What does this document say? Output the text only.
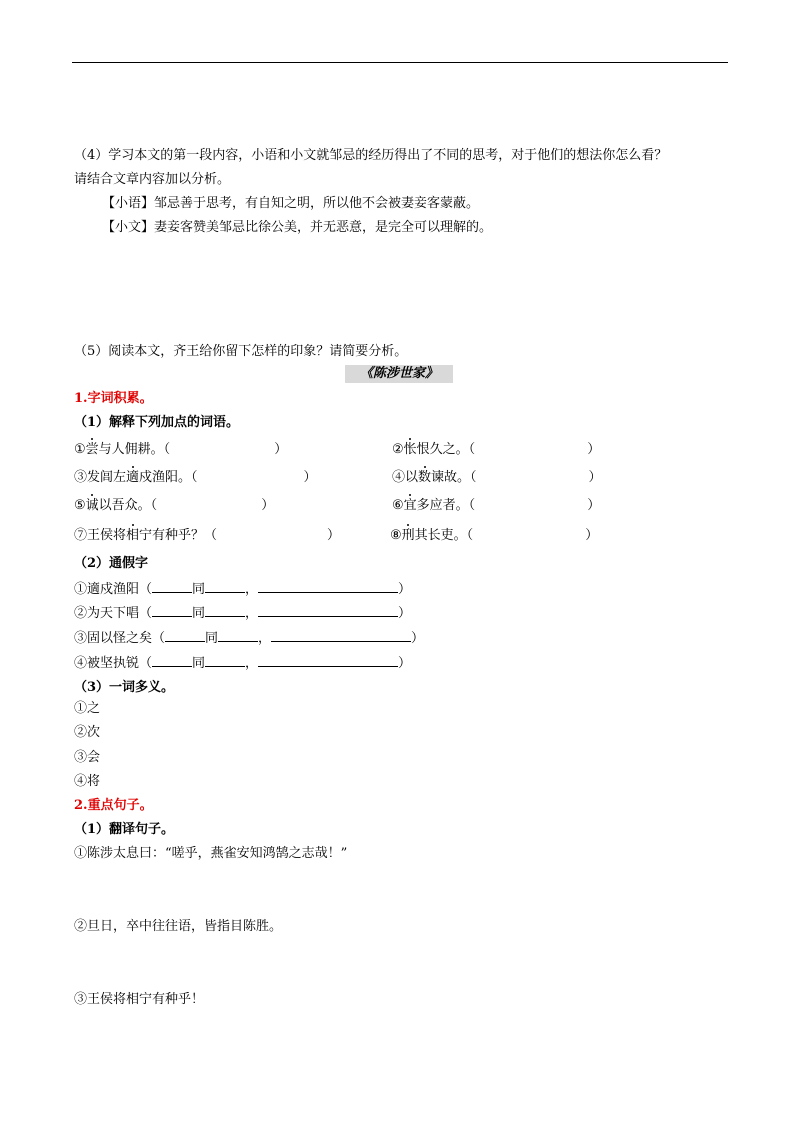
（4）学习本文的第一段内容，小语和小文就邹忌的经历得出了不同的思考，对于他们的想法你怎么看？
请结合文章内容加以分析。
【小语】邹忌善于思考，有自知之明，所以他不会被妻妾客蒙蔽。
【小文】妻妾客赞美邹忌比徐公美，并无恶意，是完全可以理解的。
（5）阅读本文，齐王给你留下怎样的印象？请简要分析。
《陈涉世家》
1.字词积累。
（1）解释下列加点的词语。
①尝与人佣耕。（	）	②怅恨久之。（	）
③发闾左適戍渔阳。（	）	④以数谏故。（	）
⑤诚以吾众。（	）	⑥宜多应者。（	）
⑦王侯将相宁有种乎？（	）	⑧刑其长吏。（	）
（2）通假字
①適戍渔阳（	同	，	）
②为天下唱（	同	，	）
③固以怪之矣（	同	，	）
④被坚执锐（	同	，	）
（3）一词多义。
①之
②次
③会
④将
2.重点句子。
（1）翻译句子。
①陈涉太息曰：“嗟乎，燕雀安知鸿鹄之志哉！”
②旦日，卒中往往语，皆指目陈胜。
③王侯将相宁有种乎！
